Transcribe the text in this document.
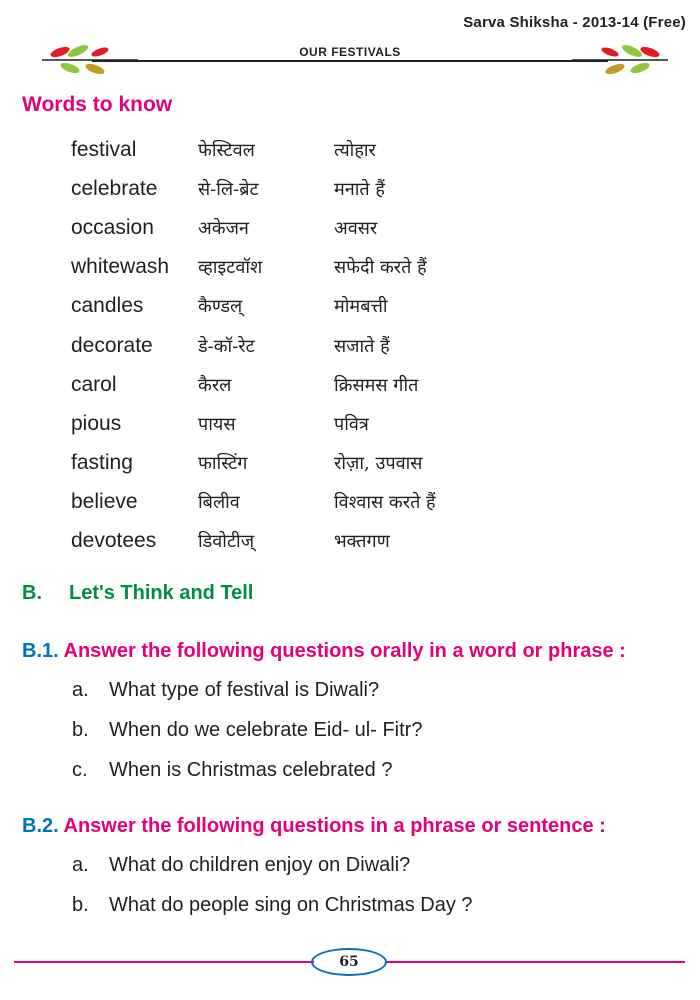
Sarva Shiksha - 2013-14 (Free)
OUR FESTIVALS
Words to know
festival	फेस्टिवल	त्योहार
celebrate	से-लि-ब्रेट	मनाते हैं
occasion	अकेजन	अवसर
whitewash	व्हाइटवॉश	सफेदी करते हैं
candles	कैण्डल्	मोमबत्ती
decorate	डे-कॉ-रेट	सजाते हैं
carol	कैरल	क्रिसमस गीत
pious	पायस	पवित्र
fasting	फास्टिंग	रोज़ा, उपवास
believe	बिलीव	विश्वास करते हैं
devotees	डिवोटीज्	भक्तगण
B. Let's Think and Tell
B.1. Answer the following questions orally in a word or phrase :
a.	What type of festival is Diwali?
b.	When do we celebrate Eid- ul- Fitr?
c.	When is Christmas celebrated ?
B.2. Answer the following questions in a phrase or sentence :
a.	What do children enjoy on Diwali?
b.	What do people sing on Christmas Day ?
65
